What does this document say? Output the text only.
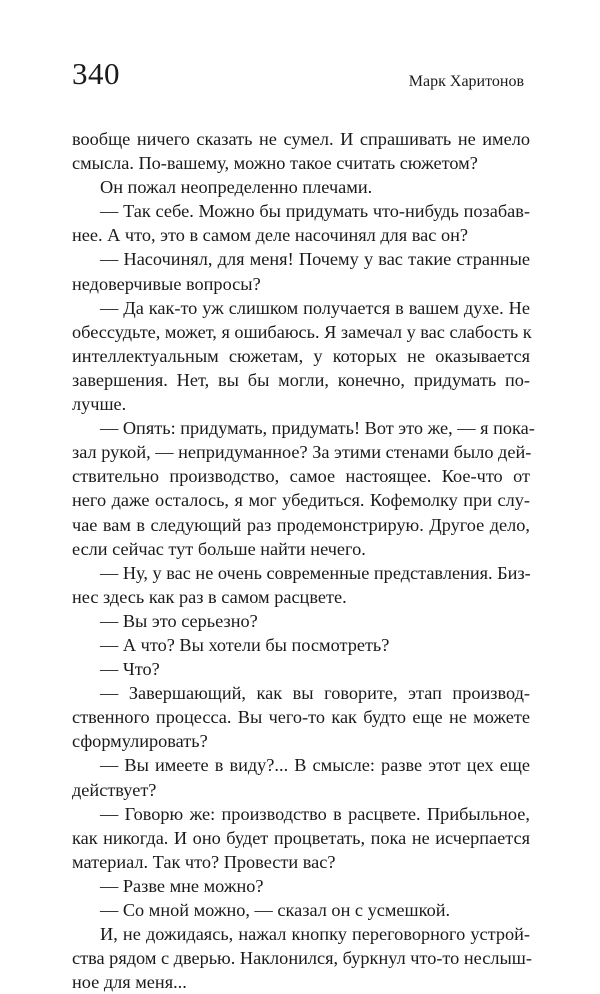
340	Марк Харитонов
вообще ничего сказать не сумел. И спрашивать не имело
смысла. По-вашему, можно такое считать сюжетом?
Он пожал неопределенно плечами.
— Так себе. Можно бы придумать что-нибудь позабав-
нее. А что, это в самом деле насочинял для вас он?
— Насочинял, для меня! Почему у вас такие странные
недоверчивые вопросы?
— Да как-то уж слишком получается в вашем духе. Не
обессудьте, может, я ошибаюсь. Я замечал у вас слабость к
интеллектуальным сюжетам, у которых не оказывается
завершения. Нет, вы бы могли, конечно, придумать по-
лучше.
— Опять: придумать, придумать! Вот это же, — я пока-
зал рукой, — непридуманное? За этими стенами было дей-
ствительно производство, самое настоящее. Кое-что от
него даже осталось, я мог убедиться. Кофемолку при слу-
чае вам в следующий раз продемонстрирую. Другое дело,
если сейчас тут больше найти нечего.
— Ну, у вас не очень современные представления. Биз-
нес здесь как раз в самом расцвете.
— Вы это серьезно?
— А что? Вы хотели бы посмотреть?
— Что?
— Завершающий, как вы говорите, этап производ-
ственного процесса. Вы чего-то как будто еще не можете
сформулировать?
— Вы имеете в виду?... В смысле: разве этот цех еще
действует?
— Говорю же: производство в расцвете. Прибыльное,
как никогда. И оно будет процветать, пока не исчерпается
материал. Так что? Провести вас?
— Разве мне можно?
— Со мной можно, — сказал он с усмешкой.
И, не дожидаясь, нажал кнопку переговорного устрой-
ства рядом с дверью. Наклонился, буркнул что-то неслыш-
ное для меня...
